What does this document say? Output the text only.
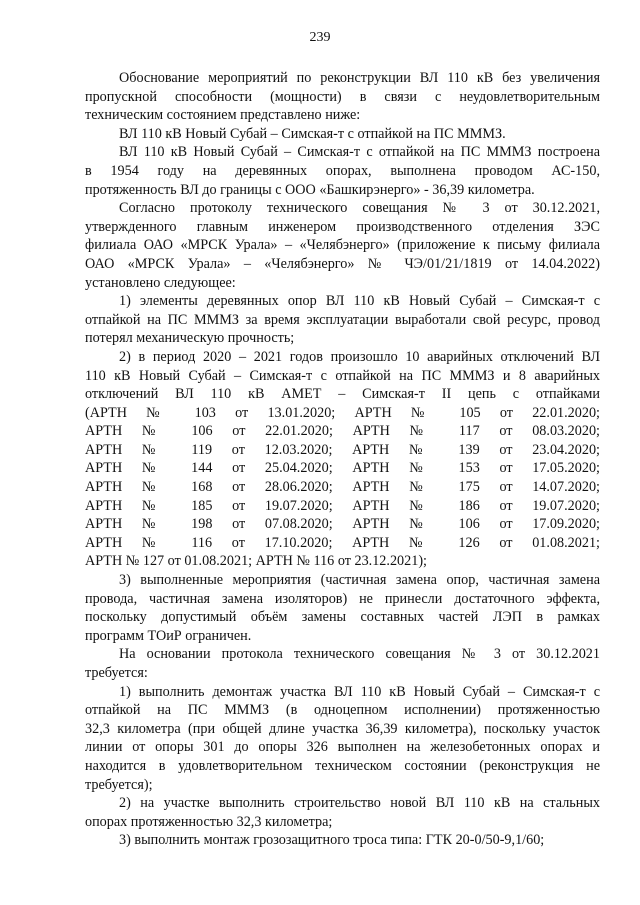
239
Обоснование мероприятий по реконструкции ВЛ 110 кВ без увеличения
пропускной способности (мощности) в связи с неудовлетворительным
техническим состоянием представлено ниже:
ВЛ 110 кВ Новый Субай – Симская-т с отпайкой на ПС МММЗ.
ВЛ 110 кВ Новый Субай – Симская-т с отпайкой на ПС МММЗ построена
в 1954 году на деревянных опорах, выполнена проводом АС-150,
протяженность ВЛ до границы с ООО «Башкирэнерго» - 36,39 километра.
Согласно протоколу технического совещания № 3 от 30.12.2021,
утвержденного главным инженером производственного отделения ЗЭС
филиала ОАО «МРСК Урала» – «Челябэнерго» (приложение к письму филиала
ОАО «МРСК Урала» – «Челябэнерго» № ЧЭ/01/21/1819 от 14.04.2022)
установлено следующее:
1) элементы деревянных опор ВЛ 110 кВ Новый Субай – Симская-т с
отпайкой на ПС МММЗ за время эксплуатации выработали свой ресурс, провод
потерял механическую прочность;
2) в период 2020 – 2021 годов произошло 10 аварийных отключений ВЛ
110 кВ Новый Субай – Симская-т с отпайкой на ПС МММЗ и 8 аварийных
отключений ВЛ 110 кВ АМЕТ – Симская-т II цепь с отпайками
(АРТН № 103 от 13.01.2020; АРТН № 105 от 22.01.2020;
АРТН № 106 от 22.01.2020; АРТН № 117 от 08.03.2020;
АРТН № 119 от 12.03.2020; АРТН № 139 от 23.04.2020;
АРТН № 144 от 25.04.2020; АРТН № 153 от 17.05.2020;
АРТН № 168 от 28.06.2020; АРТН № 175 от 14.07.2020;
АРТН № 185 от 19.07.2020; АРТН № 186 от 19.07.2020;
АРТН № 198 от 07.08.2020; АРТН № 106 от 17.09.2020;
АРТН № 116 от 17.10.2020; АРТН № 126 от 01.08.2021;
АРТН № 127 от 01.08.2021; АРТН № 116 от 23.12.2021);
3) выполненные мероприятия (частичная замена опор, частичная замена
провода, частичная замена изоляторов) не принесли достаточного эффекта,
поскольку допустимый объём замены составных частей ЛЭП в рамках
программ ТОиР ограничен.
На основании протокола технического совещания № 3 от 30.12.2021
требуется:
1) выполнить демонтаж участка ВЛ 110 кВ Новый Субай – Симская-т с
отпайкой на ПС МММЗ (в одноцепном исполнении) протяженностью
32,3 километра (при общей длине участка 36,39 километра), поскольку участок
линии от опоры 301 до опоры 326 выполнен на железобетонных опорах и
находится в удовлетворительном техническом состоянии (реконструкция не
требуется);
2) на участке выполнить строительство новой ВЛ 110 кВ на стальных
опорах протяженностью 32,3 километра;
3) выполнить монтаж грозозащитного троса типа: ГТК 20-0/50-9,1/60;
